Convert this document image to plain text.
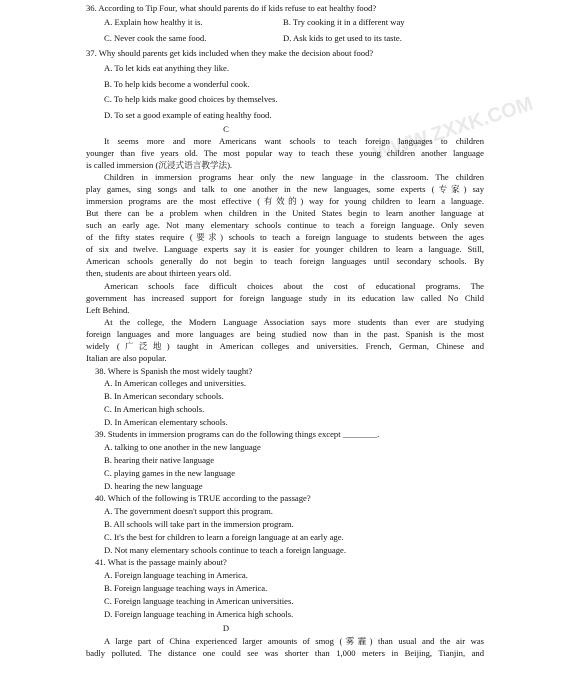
WWW.ZXXK.COM
36. According to Tip Four, what should parents do if kids refuse to eat healthy food?
A. Explain how healthy it is.	B. Try cooking it in a different way
C. Never cook the same food.	D. Ask kids to get used to its taste.
37. Why should parents get kids included when they make the decision about food?
A. To let kids eat anything they like.
B. To help kids become a wonderful cook.
C. To help kids make good choices by themselves.
D. To set a good example of eating healthy food.
C
It seems more and more Americans want schools to teach foreign languages to children
younger than five years old. The most popular way to teach these young children another language
is called immersion (沉浸式语言教学法).
Children in immersion programs hear only the new language in the classroom. The children
play games, sing songs and talk to one another in the new languages, some experts (专家) say
immersion programs are the most effective (有效的) way for young children to learn a language.
But there can be a problem when children in the United States begin to learn another language at
such an early age. Not many elementary schools continue to teach a foreign language. Only seven
of the fifty states require (要求) schools to teach a foreign language to students between the ages
of six and twelve. Language experts say it is easier for younger children to learn a language. Still,
American schools generally do not begin to teach foreign languages until secondary schools. By
then, students are about thirteen years old.
American schools face difficult choices about the cost of educational programs. The
government has increased support for foreign language study in its education law called No Child
Left Behind.
At the college, the Modern Language Association says more students than ever are studying
foreign languages and more languages are being studied now than in the past. Spanish is the most
widely (广泛地) taught in American colleges and universities. French, German, Chinese and
Italian are also popular.
38. Where is Spanish the most widely taught?
A. In American colleges and universities.
B. In American secondary schools.
C. In American high schools.
D. In American elementary schools.
39. Students in immersion programs can do the following things except ________.
A. talking to one another in the new language
B. hearing their native language
C. playing games in the new language
D. hearing the new language
40. Which of the following is TRUE according to the passage?
A. The government doesn't support this program.
B. All schools will take part in the immersion program.
C. It's the best for children to learn a foreign language at an early age.
D. Not many elementary schools continue to teach a foreign language.
41. What is the passage mainly about?
A. Foreign language teaching in America.
B. Foreign language teaching ways in America.
C. Foreign language teaching in American universities.
D. Foreign language teaching in America high schools.
D
A large part of China experienced larger amounts of smog (雾霾) than usual and the air was
badly polluted. The distance one could see was shorter than 1,000 meters in Beijing, Tianjin, and
